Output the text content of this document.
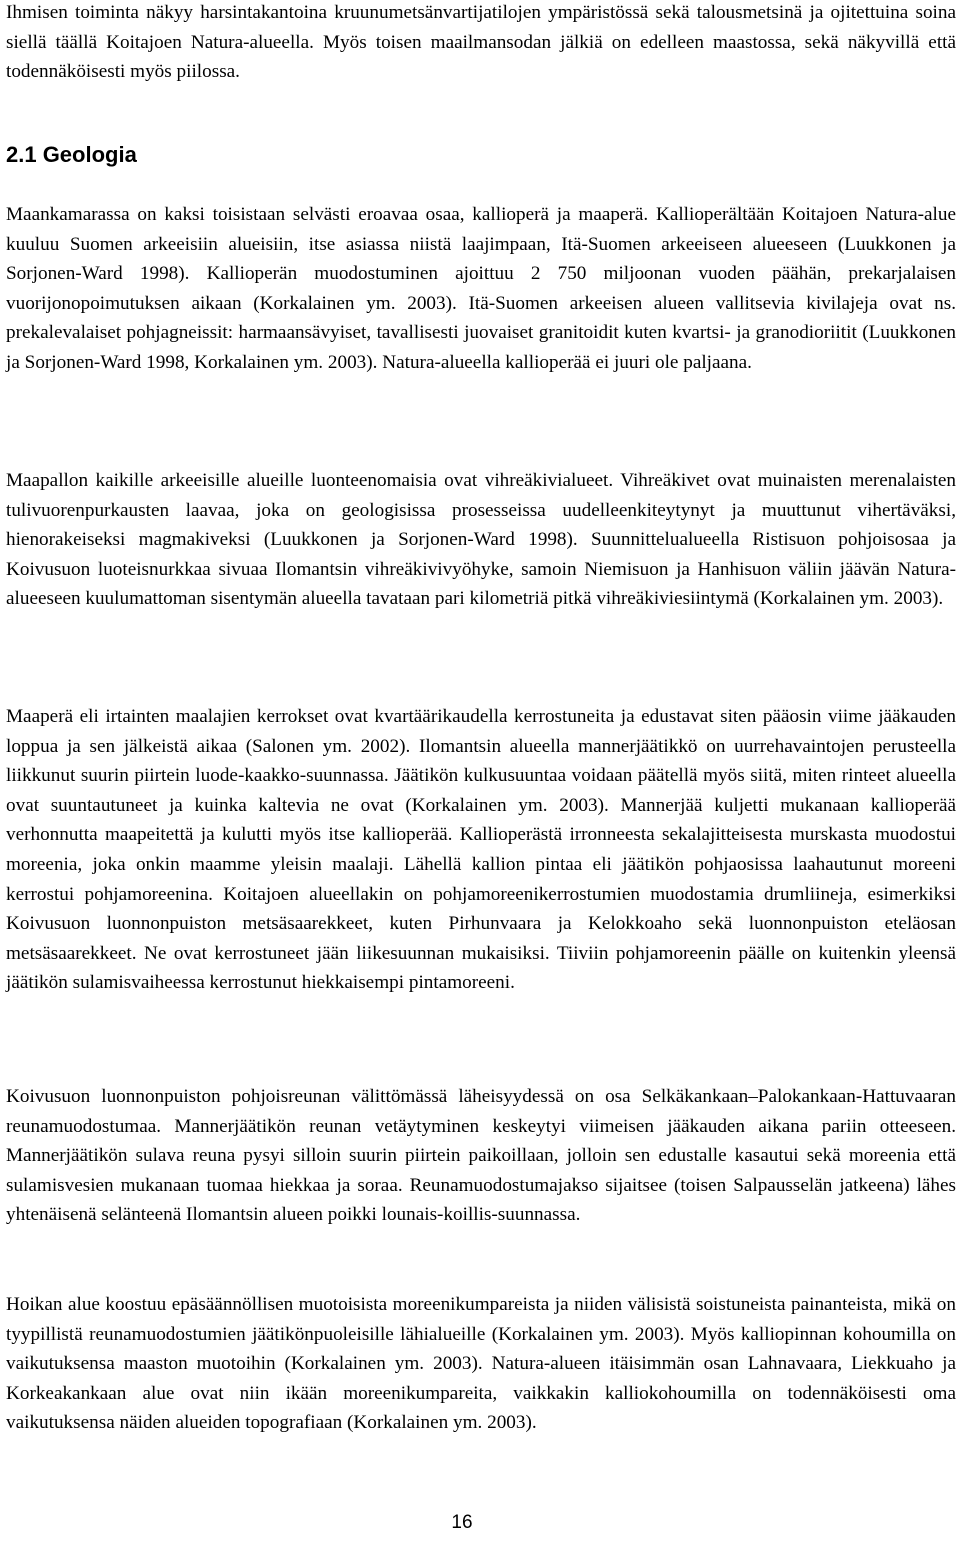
Ihmisen toiminta näkyy harsintakantoina kruunumetsänvartijatilojen ympäristössä sekä talousmetsinä ja ojitettuina soina siellä täällä Koitajoen Natura-alueella. Myös toisen maailmansodan jälkiä on edelleen maastossa, sekä näkyvillä että todennäköisesti myös piilossa.

2.1 Geologia

Maankamarassa on kaksi toisistaan selvästi eroavaa osaa, kallioperä ja maaperä. Kallioperältään Koitajoen Natura-alue kuuluu Suomen arkeeisiin alueisiin, itse asiassa niistä laajimpaan, Itä-Suomen arkeeiseen alueeseen (Luukkonen ja Sorjonen-Ward 1998). Kallioperän muodostuminen ajoittuu 2 750 miljoonan vuoden päähän, prekarjalaisen vuorijonopoimutuksen aikaan (Korkalainen ym. 2003). Itä-Suomen arkeeisen alueen vallitsevia kivilajeja ovat ns. prekalevalaiset pohjagneissit: harmaansävyiset, tavallisesti juovaiset granitoidit kuten kvartsi- ja granodioriitit (Luukkonen ja Sorjonen-Ward 1998, Korkalainen ym. 2003). Natura-alueella kallioperää ei juuri ole paljaana.

Maapallon kaikille arkeeisille alueille luonteenomaisia ovat vihreäkivialueet. Vihreäkivet ovat muinaisten merenalaisten tulivuorenpurkausten laavaa, joka on geologisissa prosesseissa uudelleenkiteytynyt ja muuttunut vihertäväksi, hienorakeiseksi magmakiveksi (Luukkonen ja Sorjonen-Ward 1998). Suunnittelualueella Ristisuon pohjoisosaa ja Koivusuon luoteisnurkkaa sivuaa Ilomantsin vihreäkivivyöhyke, samoin Niemisuon ja Hanhisuon väliin jäävän Natura-alueeseen kuulumattoman sisentymän alueella tavataan pari kilometriä pitkä vihreäkiviesiintymä (Korkalainen ym. 2003).

Maaperä eli irtainten maalajien kerrokset ovat kvartäärikaudella kerrostuneita ja edustavat siten pääosin viime jääkauden loppua ja sen jälkeistä aikaa (Salonen ym. 2002). Ilomantsin alueella mannerjäätikkö on uurrehavaintojen perusteella liikkunut suurin piirtein luode-kaakko-suunnassa. Jäätikön kulkusuuntaa voidaan päätellä myös siitä, miten rinteet alueella ovat suuntautuneet ja kuinka kaltevia ne ovat (Korkalainen ym. 2003). Mannerjää kuljetti mukanaan kallioperää verhonnutta maapeitettä ja kulutti myös itse kallioperää. Kallioperästä irronneesta sekalajitteisesta murskasta muodostui moreenia, joka onkin maamme yleisin maalaji. Lähellä kallion pintaa eli jäätikön pohjaosissa laahautunut moreeni kerrostui pohjamoreenina. Koitajoen alueellakin on pohjamoreenikerrostumien muodostamia drumliineja, esimerkiksi Koivusuon luonnonpuiston metsäsaarekkeet, kuten Pirhunvaara ja Kelokkoaho sekä luonnonpuiston eteläosan metsäsaarekkeet. Ne ovat kerrostuneet jään liikesuunnan mukaisiksi. Tiiviin pohjamoreenin päälle on kuitenkin yleensä jäätikön sulamisvaiheessa kerrostunut hiekkaisempi pintamoreeni.

Koivusuon luonnonpuiston pohjoisreunan välittömässä läheisyydessä on osa Selkäkankaan–Palokankaan-Hattuvaaran reunamuodostumaa. Mannerjäätikön reunan vetäytyminen keskeytyi viimeisen jääkauden aikana pariin otteeseen. Mannerjäätikön sulava reuna pysyi silloin suurin piirtein paikoillaan, jolloin sen edustalle kasautui sekä moreenia että sulamisvesien mukanaan tuomaa hiekkaa ja soraa. Reunamuodostumajakso sijaitsee (toisen Salpausselän jatkeena) lähes yhtenäisenä selänteenä Ilomantsin alueen poikki lounais-koillis-suunnassa.

Hoikan alue koostuu epäsäännöllisen muotoisista moreenikumpareista ja niiden välisistä soistuneista painanteista, mikä on tyypillistä reunamuodostumien jäätikönpuoleisille lähialueille (Korkalainen ym. 2003). Myös kalliopinnan kohoumilla on vaikutuksensa maaston muotoihin (Korkalainen ym. 2003). Natura-alueen itäisimmän osan Lahnavaara, Liekkuaho ja Korkeakankaan alue ovat niin ikään moreenikumpareita, vaikkakin kalliokohoumilla on todennäköisesti oma vaikutuksensa näiden alueiden topografiaan (Korkalainen ym. 2003).

16
